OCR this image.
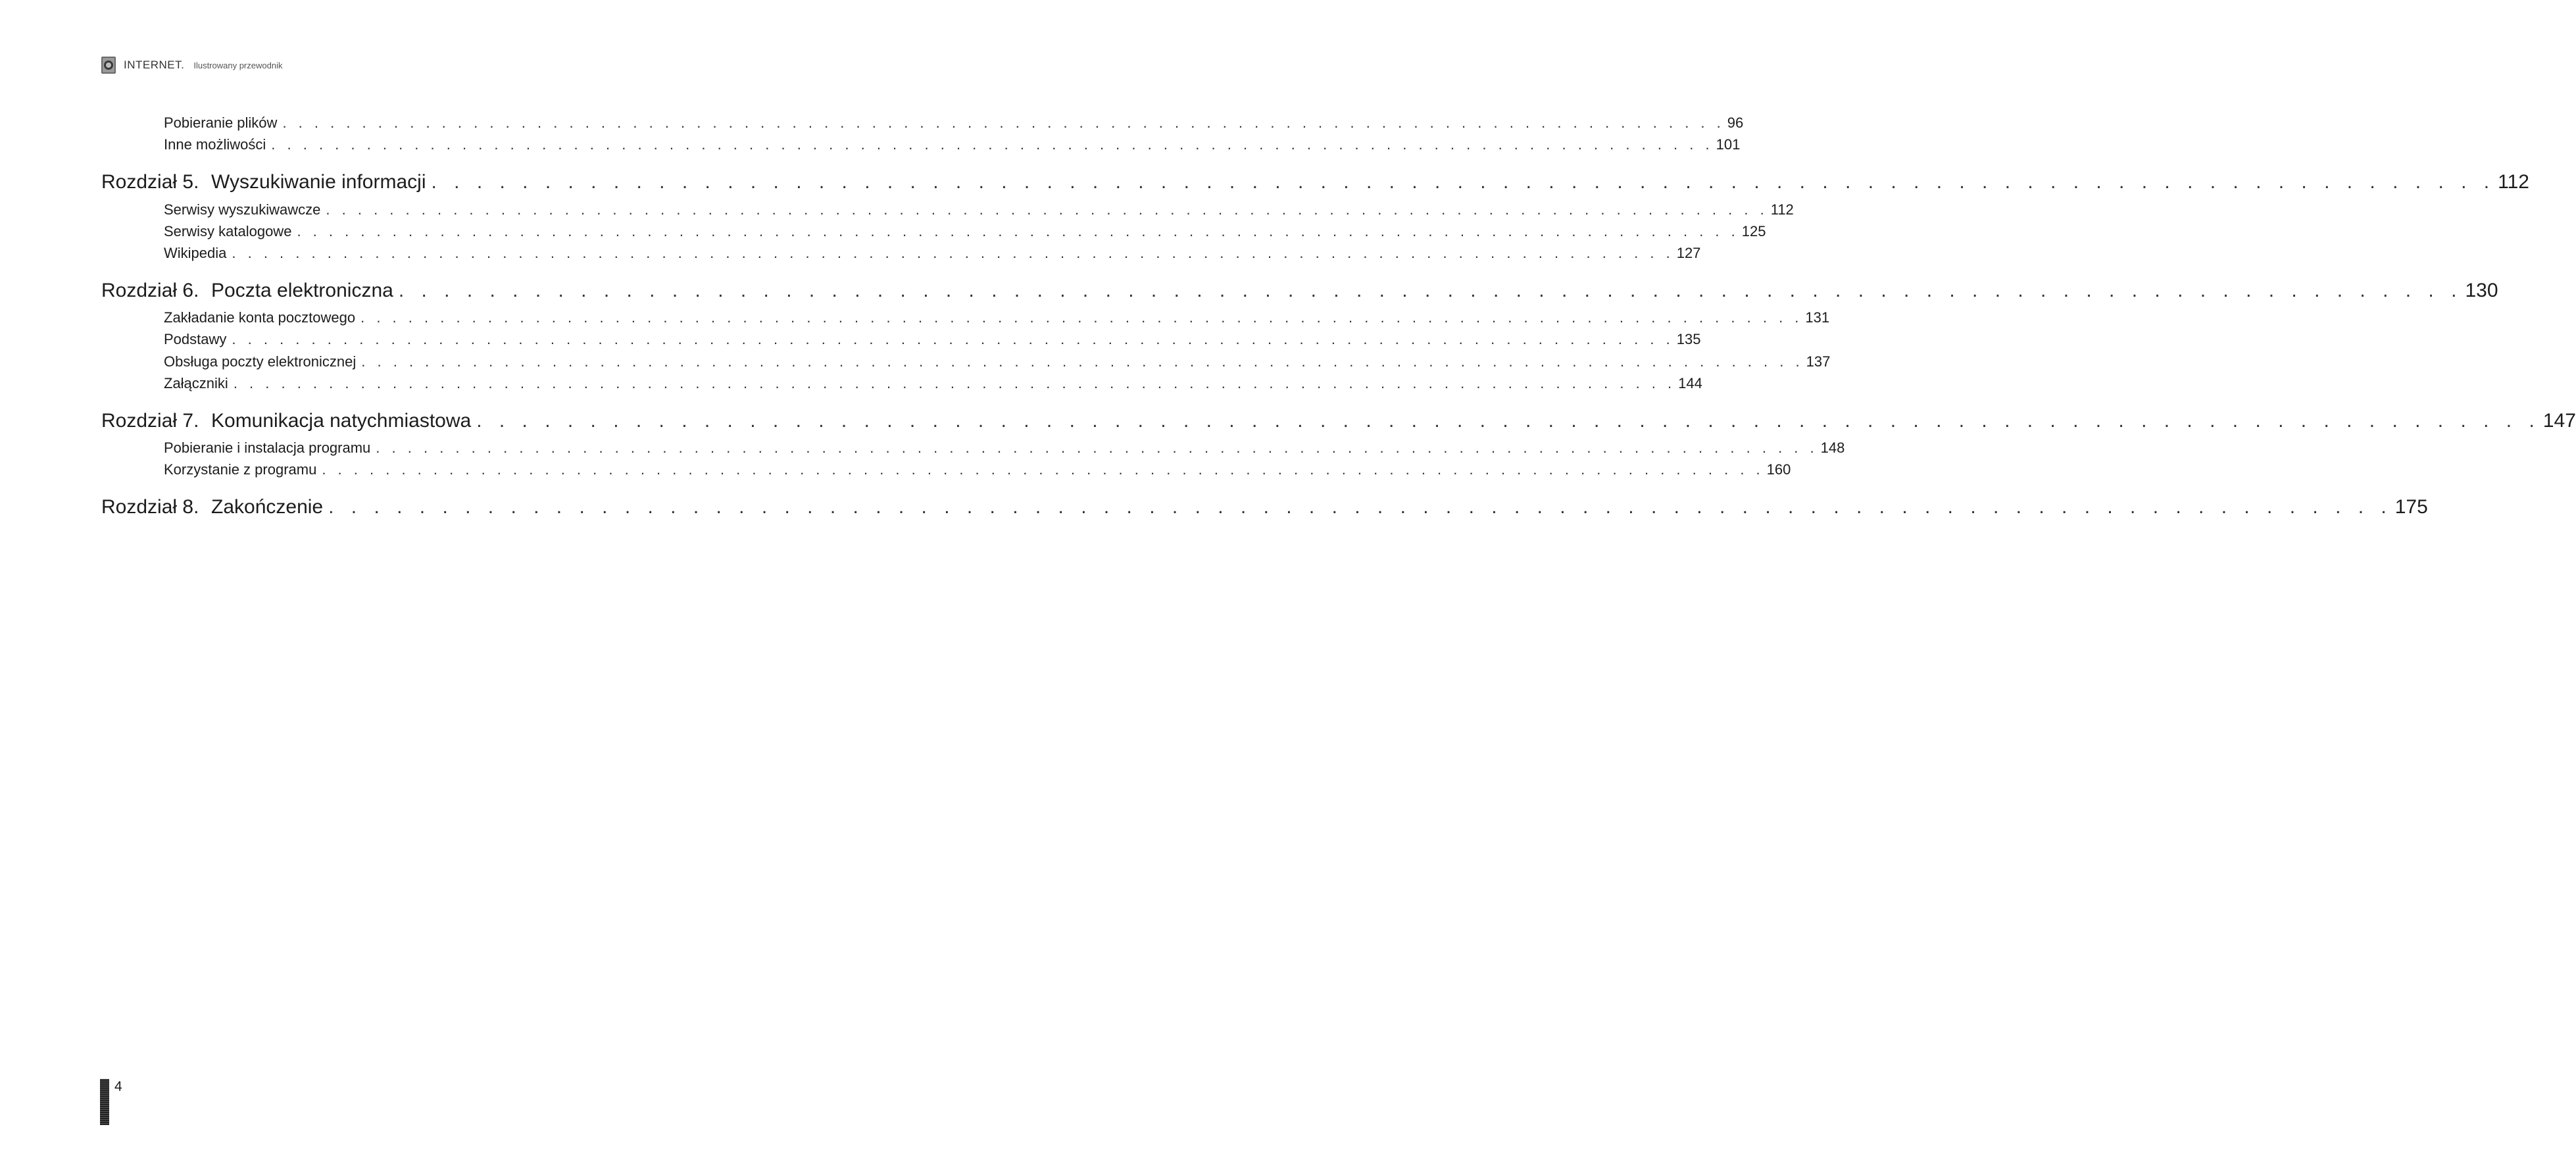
INTERNET. Ilustrowany przewodnik
Pobieranie plików . . . . . . . . . . . . . . . . . . . . . . . . . . . . . . . . . . . . . . . . . . . . . . . . . . . . . . . . . . . . . . . . . . . . . . . . . . . . . . . . . . . . . . . . . . . 96
Inne możliwości . . . . . . . . . . . . . . . . . . . . . . . . . . . . . . . . . . . . . . . . . . . . . . . . . . . . . . . . . . . . . . . . . . . . . . . . . . . . . . . . . . . . . . . . . . . 101
Rozdział 5. Wyszukiwanie informacji . . . . . . . . . . . . . . . . . . . . . . . . . . . . . . . . . . . . . . . . . . . . . . . . . . . . . . . . . . . . . . . . . . . . . . . . . . . . . . . . . . . . . . . . . . . 112
Serwisy wyszukiwawcze . . . . . . . . . . . . . . . . . . . . . . . . . . . . . . . . . . . . . . . . . . . . . . . . . . . . . . . . . . . . . . . . . . . . . . . . . . . . . . . . . . . . . . . . . . . 112
Serwisy katalogowe . . . . . . . . . . . . . . . . . . . . . . . . . . . . . . . . . . . . . . . . . . . . . . . . . . . . . . . . . . . . . . . . . . . . . . . . . . . . . . . . . . . . . . . . . . . 125
Wikipedia . . . . . . . . . . . . . . . . . . . . . . . . . . . . . . . . . . . . . . . . . . . . . . . . . . . . . . . . . . . . . . . . . . . . . . . . . . . . . . . . . . . . . . . . . . . 127
Rozdział 6. Poczta elektroniczna . . . . . . . . . . . . . . . . . . . . . . . . . . . . . . . . . . . . . . . . . . . . . . . . . . . . . . . . . . . . . . . . . . . . . . . . . . . . . . . . . . . . . . . . . . . 130
Zakładanie konta pocztowego . . . . . . . . . . . . . . . . . . . . . . . . . . . . . . . . . . . . . . . . . . . . . . . . . . . . . . . . . . . . . . . . . . . . . . . . . . . . . . . . . . . . . . . . . . . 131
Podstawy . . . . . . . . . . . . . . . . . . . . . . . . . . . . . . . . . . . . . . . . . . . . . . . . . . . . . . . . . . . . . . . . . . . . . . . . . . . . . . . . . . . . . . . . . . . 135
Obsługa poczty elektronicznej . . . . . . . . . . . . . . . . . . . . . . . . . . . . . . . . . . . . . . . . . . . . . . . . . . . . . . . . . . . . . . . . . . . . . . . . . . . . . . . . . . . . . . . . . . . 137
Załączniki . . . . . . . . . . . . . . . . . . . . . . . . . . . . . . . . . . . . . . . . . . . . . . . . . . . . . . . . . . . . . . . . . . . . . . . . . . . . . . . . . . . . . . . . . . . 144
Rozdział 7. Komunikacja natychmiastowa . . . . . . . . . . . . . . . . . . . . . . . . . . . . . . . . . . . . . . . . . . . . . . . . . . . . . . . . . . . . . . . . . . . . . . . . . . . . . . . . . . . . . . . . . . . 147
Pobieranie i instalacja programu . . . . . . . . . . . . . . . . . . . . . . . . . . . . . . . . . . . . . . . . . . . . . . . . . . . . . . . . . . . . . . . . . . . . . . . . . . . . . . . . . . . . . . . . . . . 148
Korzystanie z programu . . . . . . . . . . . . . . . . . . . . . . . . . . . . . . . . . . . . . . . . . . . . . . . . . . . . . . . . . . . . . . . . . . . . . . . . . . . . . . . . . . . . . . . . . . . 160
Rozdział 8. Zakończenie . . . . . . . . . . . . . . . . . . . . . . . . . . . . . . . . . . . . . . . . . . . . . . . . . . . . . . . . . . . . . . . . . . . . . . . . . . . . . . . . . . . . . . . . . . . 175
4
